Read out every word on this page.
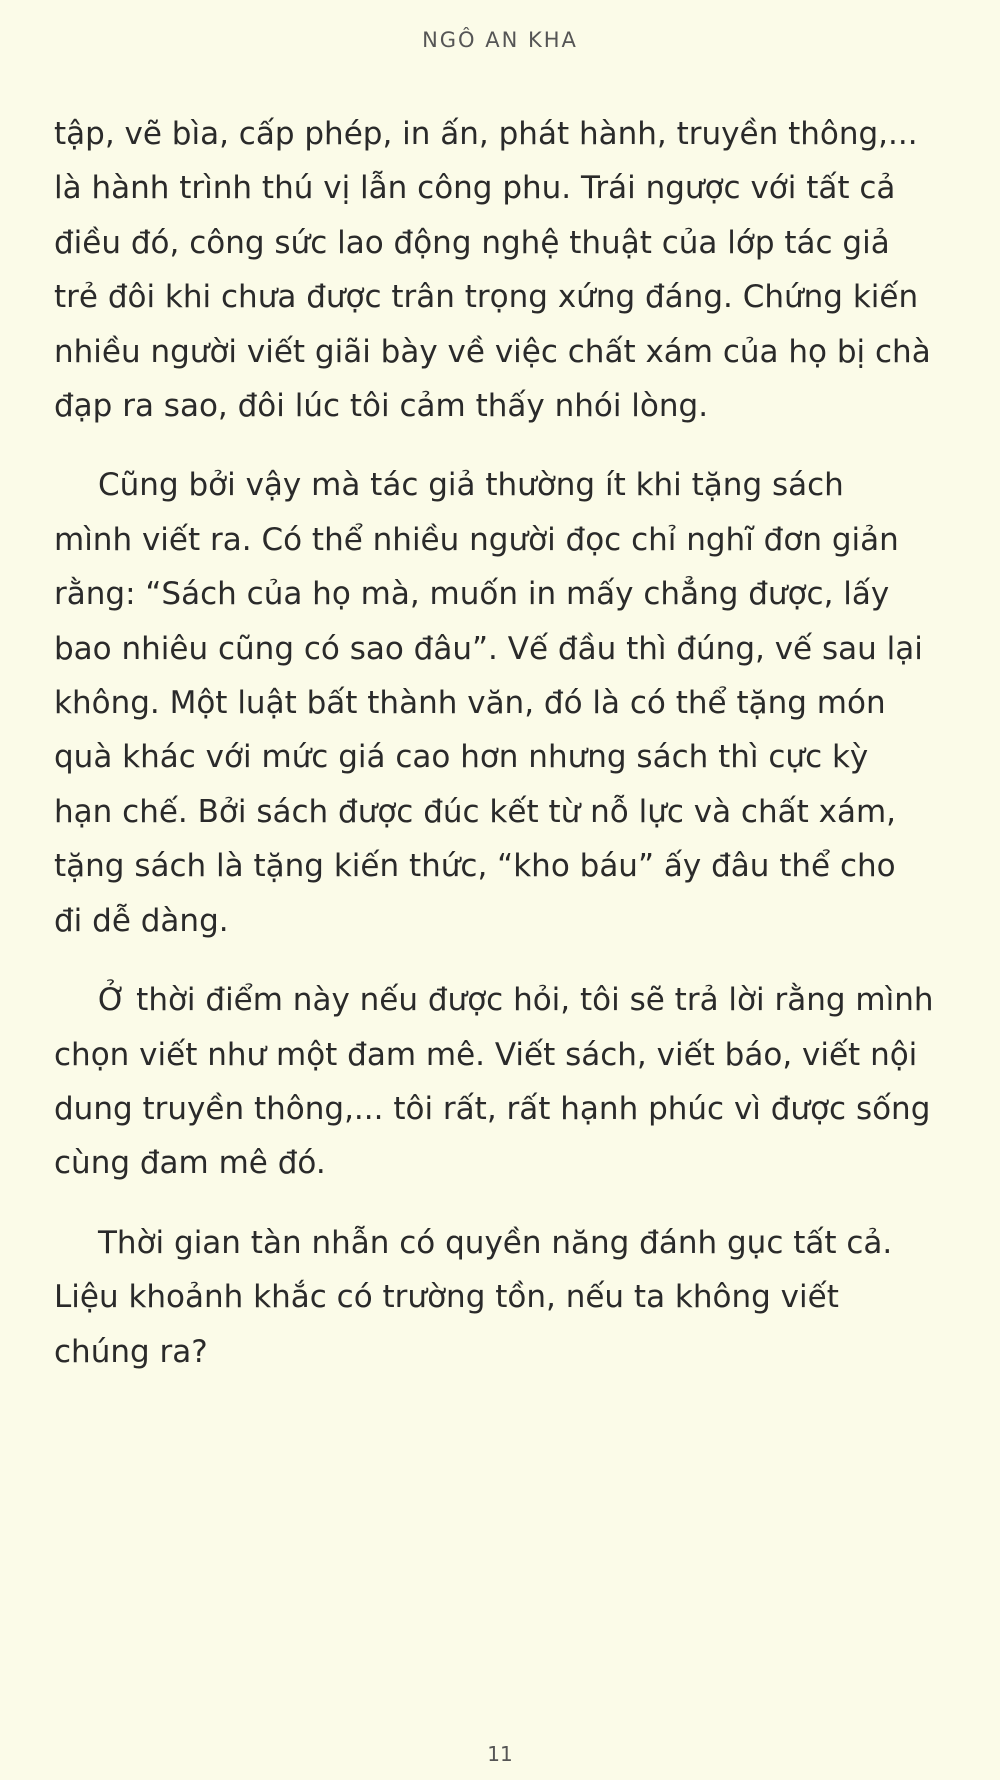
NGÔ AN KHA

tập, vẽ bìa, cấp phép, in ấn, phát hành, truyền thông,...
là hành trình thú vị lẫn công phu. Trái ngược với tất cả
điều đó, công sức lao động nghệ thuật của lớp tác giả
trẻ đôi khi chưa được trân trọng xứng đáng. Chứng kiến
nhiều người viết giãi bày về việc chất xám của họ bị chà
đạp ra sao, đôi lúc tôi cảm thấy nhói lòng.

Cũng bởi vậy mà tác giả thường ít khi tặng sách
mình viết ra. Có thể nhiều người đọc chỉ nghĩ đơn giản
rằng: “Sách của họ mà, muốn in mấy chẳng được, lấy
bao nhiêu cũng có sao đâu”. Vế đầu thì đúng, vế sau lại
không. Một luật bất thành văn, đó là có thể tặng món
quà khác với mức giá cao hơn nhưng sách thì cực kỳ
hạn chế. Bởi sách được đúc kết từ nỗ lực và chất xám,
tặng sách là tặng kiến thức, “kho báu” ấy đâu thể cho
đi dễ dàng.

Ở thời điểm này nếu được hỏi, tôi sẽ trả lời rằng mình
chọn viết như một đam mê. Viết sách, viết báo, viết nội
dung truyền thông,... tôi rất, rất hạnh phúc vì được sống
cùng đam mê đó.

Thời gian tàn nhẫn có quyền năng đánh gục tất cả.
Liệu khoảnh khắc có trường tồn, nếu ta không viết
chúng ra?

11
